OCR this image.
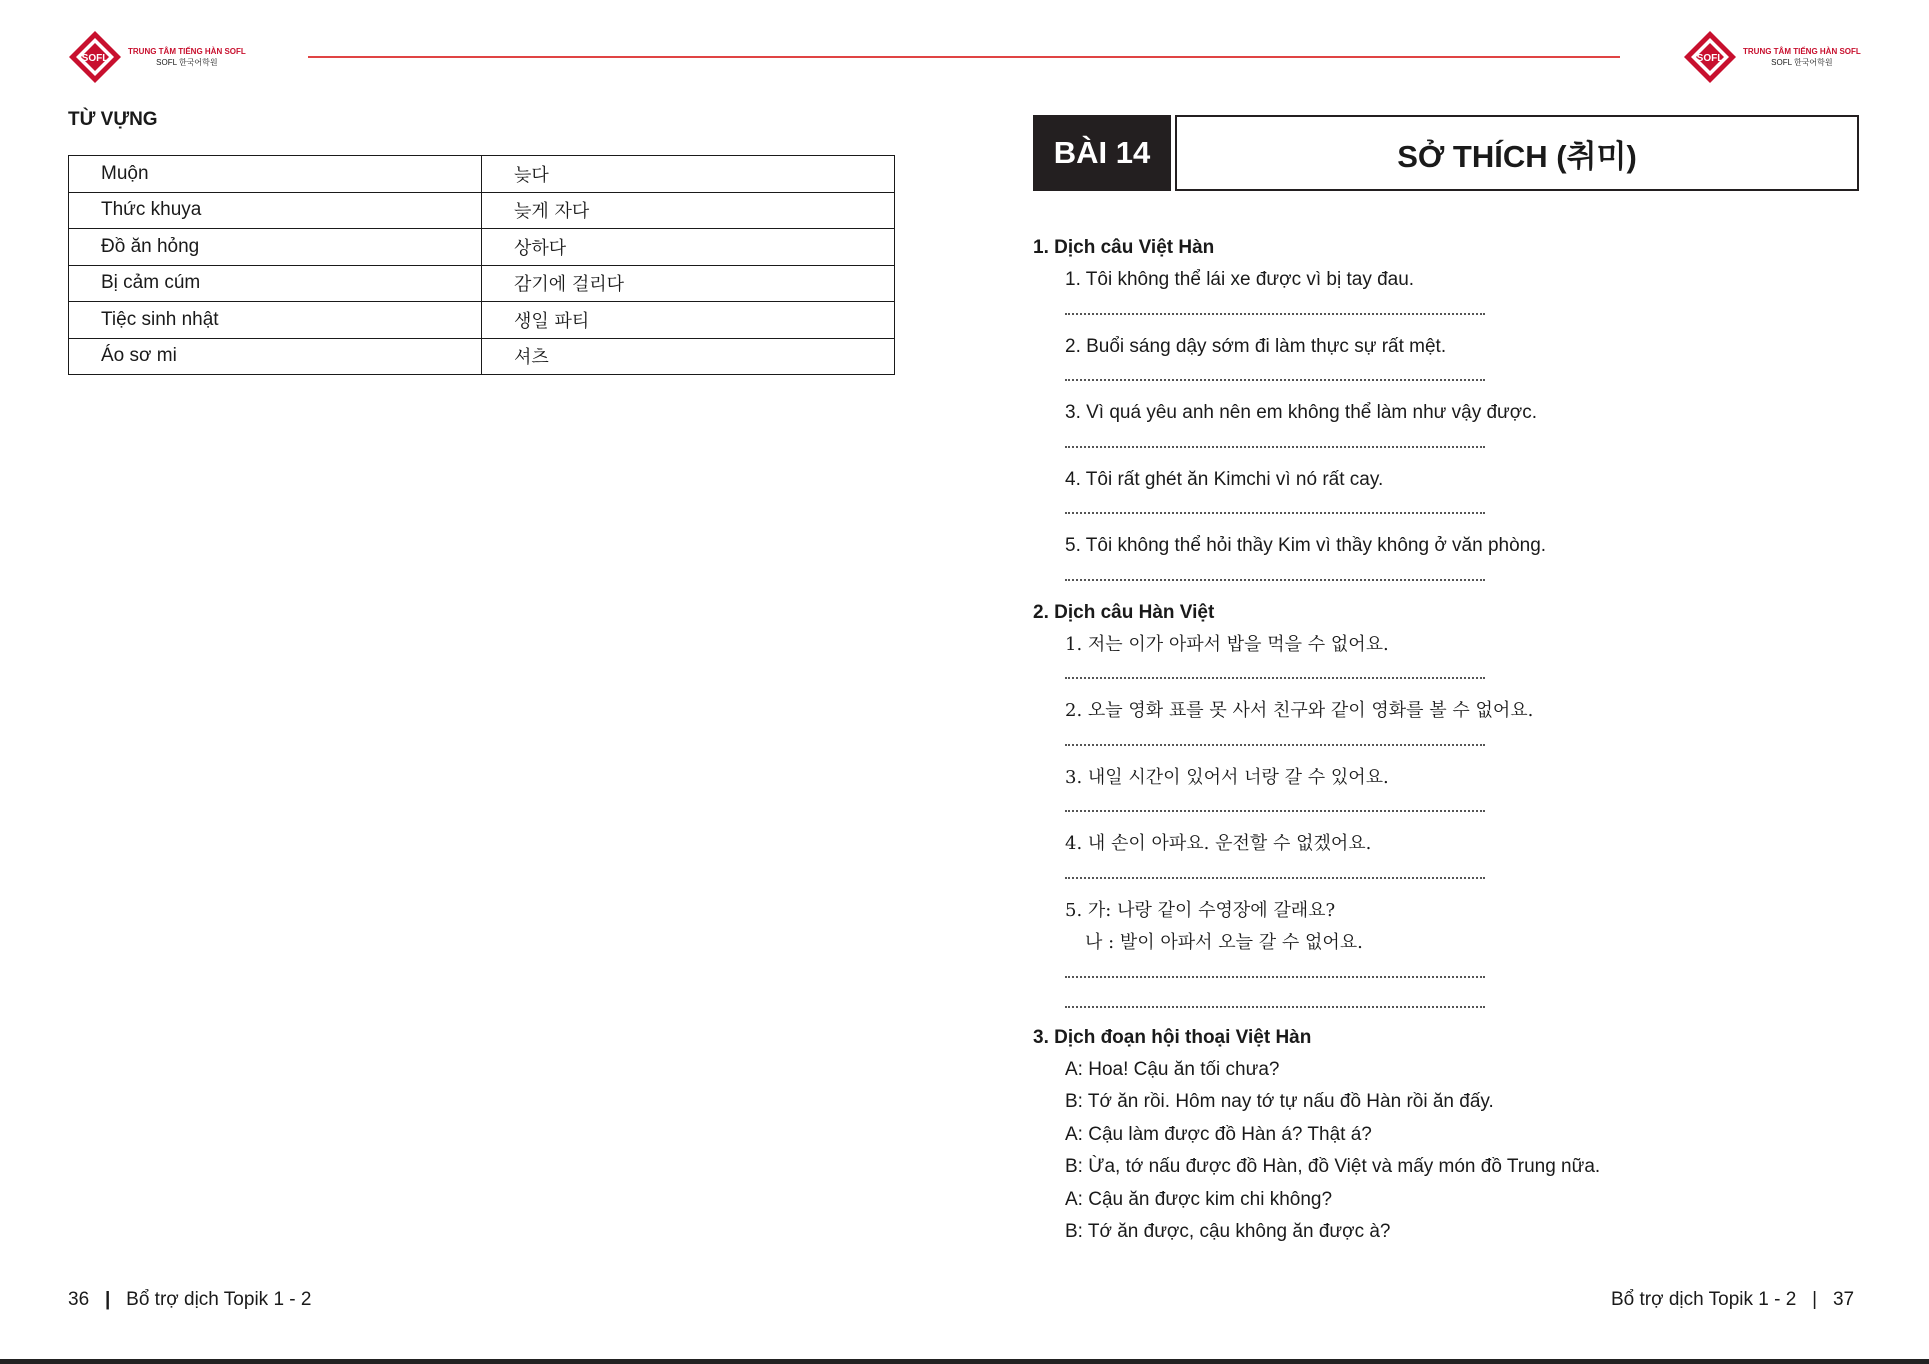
SOFL
TRUNG TÂM TIẾNG HÀN SOFL
SOFL 한국어학원	SOFL
TRUNG TÂM TIẾNG HÀN SOFL
SOFL 한국어학원
TỪ VỰNG
Muộn	늦다
Thức khuya	늦게 자다
Đồ ăn hỏng	상하다
Bị cảm cúm	감기에 걸리다
Tiệc sinh nhật	생일 파티
Áo sơ mi	셔츠
36 | Bổ trợ dịch Topik 1 - 2
BÀI 14	SỞ THÍCH (취미)
1. Dịch câu Việt Hàn
1. Tôi không thể lái xe được vì bị tay đau.
2. Buổi sáng dậy sớm đi làm thực sự rất mệt.
3. Vì quá yêu anh nên em không thể làm như vậy được.
4. Tôi rất ghét ăn Kimchi vì nó rất cay.
5. Tôi không thể hỏi thầy Kim vì thầy không ở văn phòng.
2. Dịch câu Hàn Việt
1. 저는 이가 아파서 밥을 먹을 수 없어요.
2. 오늘 영화 표를 못 사서 친구와 같이 영화를 볼 수 없어요.
3. 내일 시간이 있어서 너랑 갈 수 있어요.
4. 내 손이 아파요. 운전할 수 없겠어요.
5. 가: 나랑 같이 수영장에 갈래요?
나 : 발이 아파서 오늘 갈 수 없어요.
3. Dịch đoạn hội thoại Việt Hàn
A: Hoa! Cậu ăn tối chưa?
B: Tớ ăn rồi. Hôm nay tớ tự nấu đồ Hàn rồi ăn đấy.
A: Cậu làm được đồ Hàn á? Thật á?
B: Ừa, tớ nấu được đồ Hàn, đồ Việt và mấy món đồ Trung nữa.
A: Cậu ăn được kim chi không?
B: Tớ ăn được, cậu không ăn được à?
Bổ trợ dịch Topik 1 - 2 | 37
